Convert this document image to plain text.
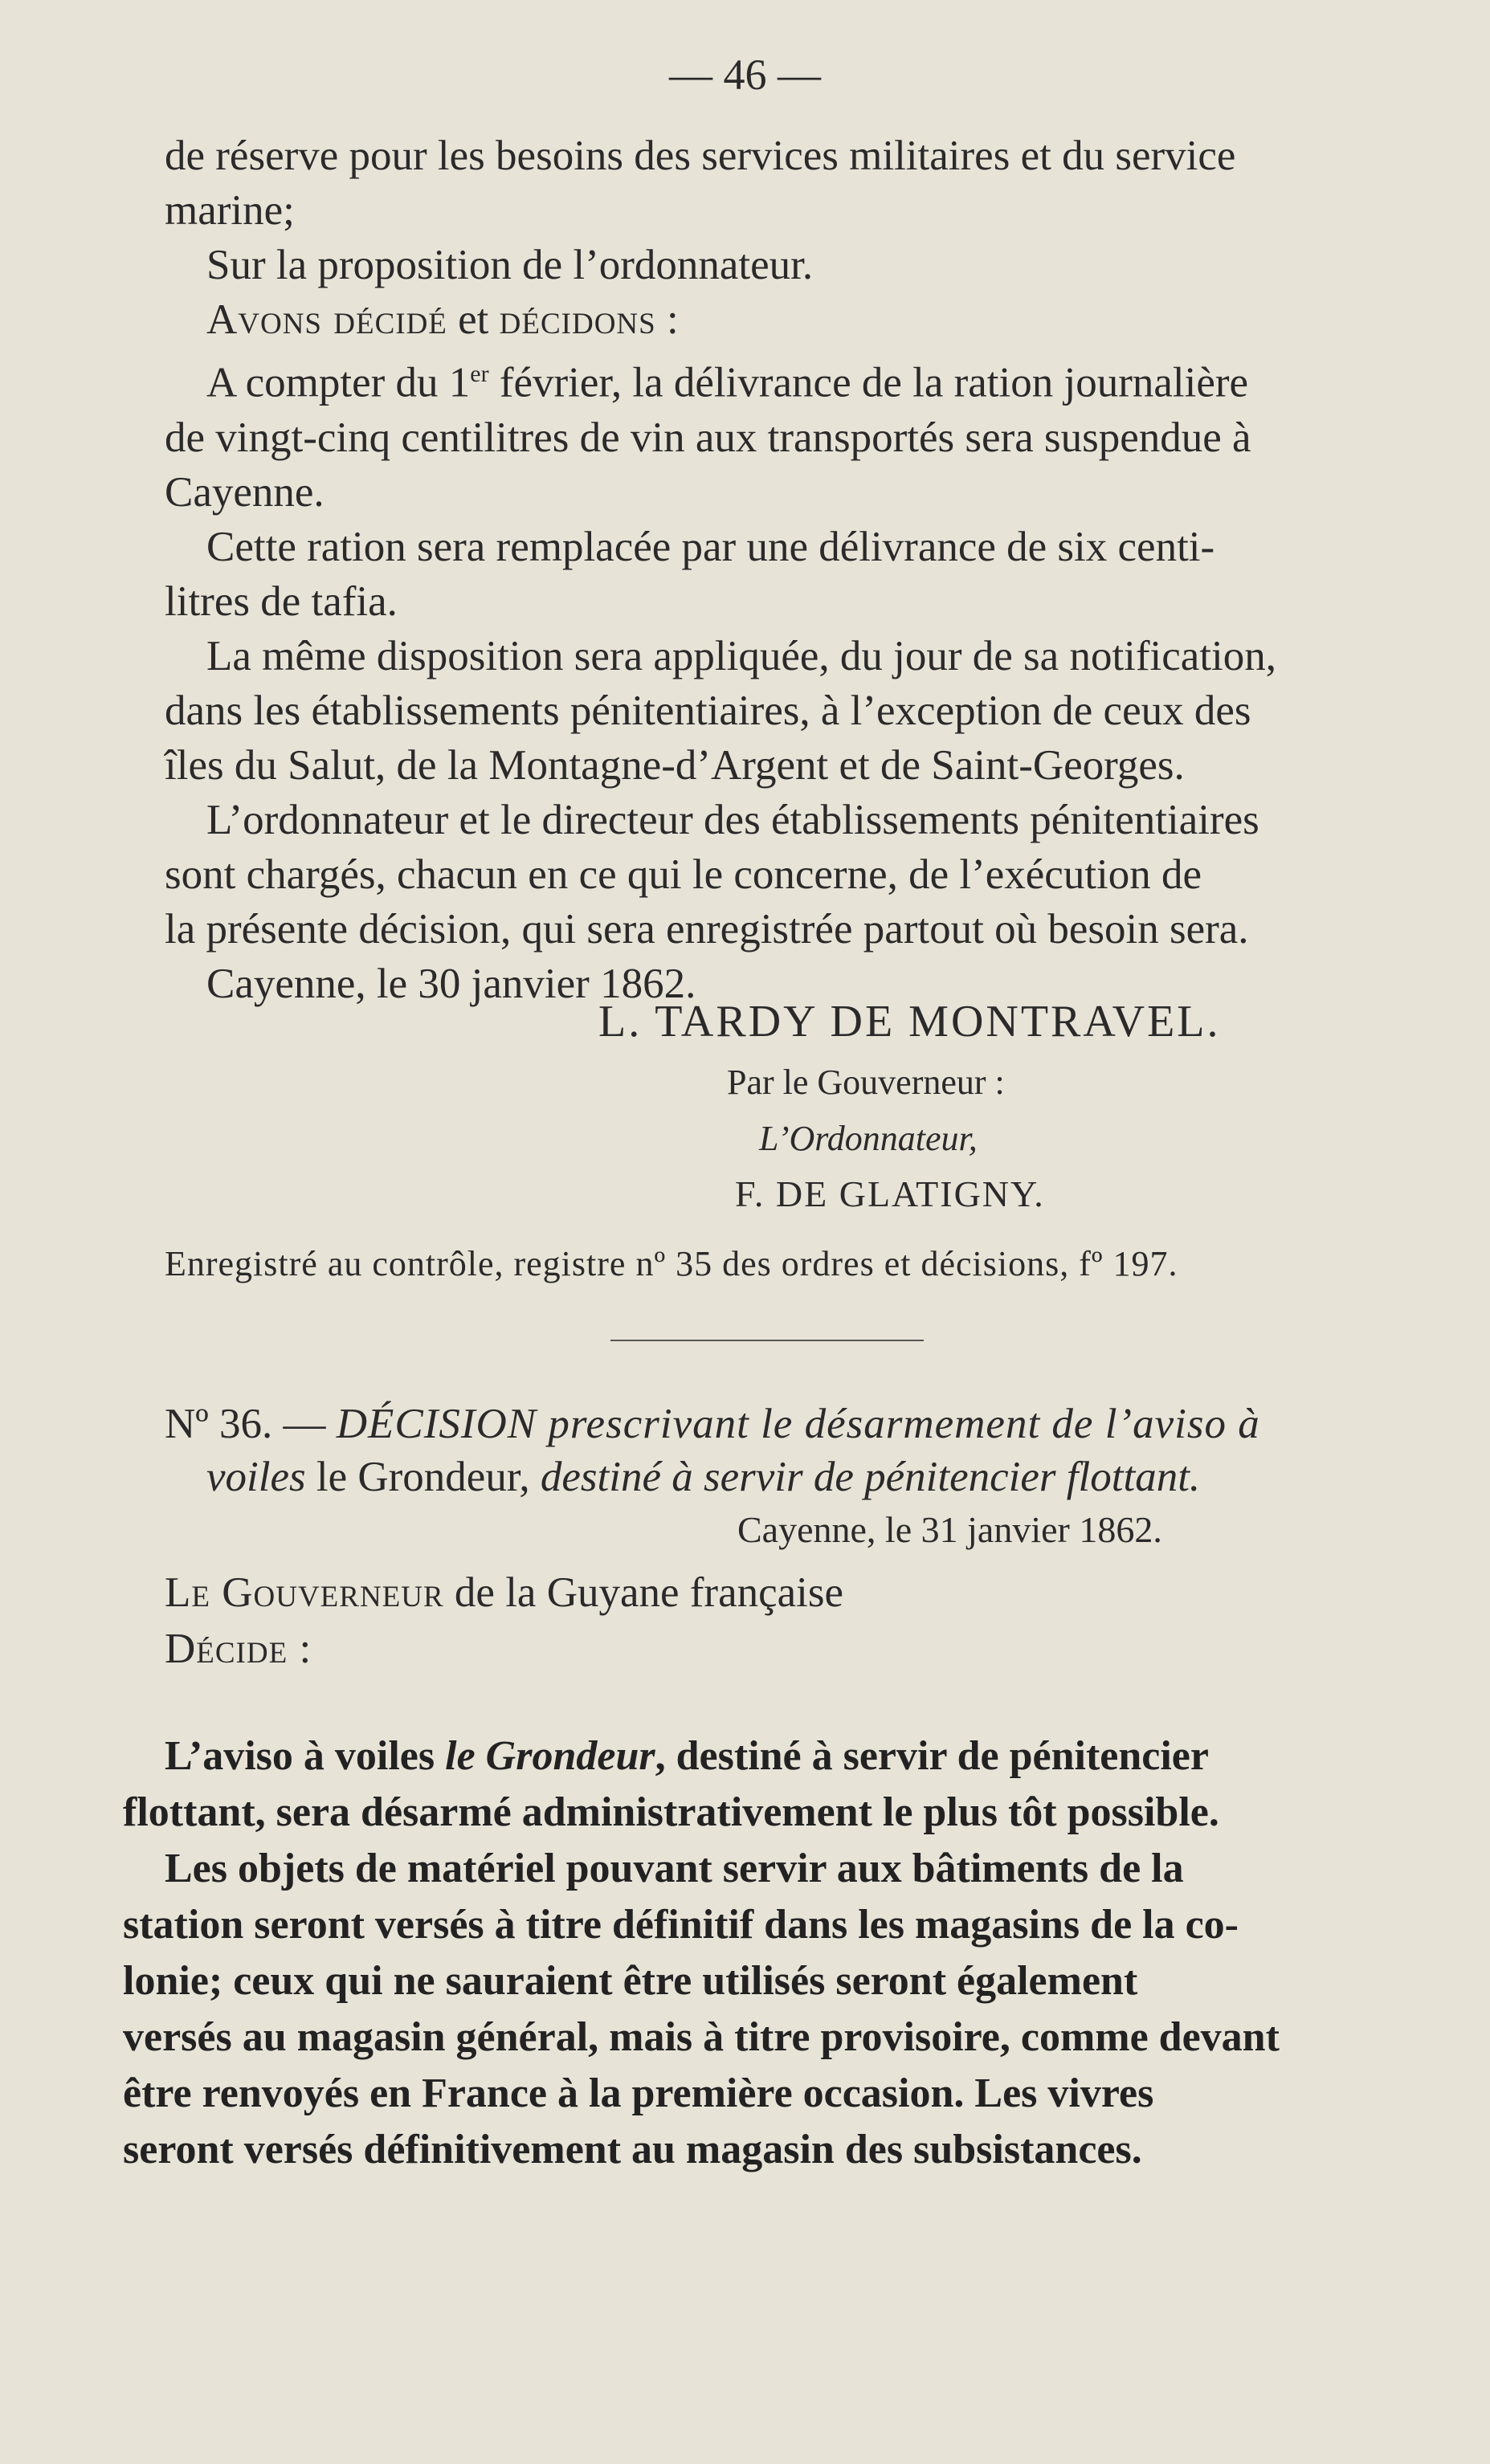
— 46 —

de réserve pour les besoins des services militaires et du service
marine;

Sur la proposition de l’ordonnateur.

Avons décidé et décidons :

A compter du 1er février, la délivrance de la ration journalière
de vingt-cinq centilitres de vin aux transportés sera suspendue à
Cayenne.

Cette ration sera remplacée par une délivrance de six centi-
litres de tafia.

La même disposition sera appliquée, du jour de sa notification,
dans les établissements pénitentiaires, à l’exception de ceux des
îles du Salut, de la Montagne-d’Argent et de Saint-Georges.

L’ordonnateur et le directeur des établissements pénitentiaires
sont chargés, chacun en ce qui le concerne, de l’exécution de
la présente décision, qui sera enregistrée partout où besoin sera.

Cayenne, le 30 janvier 1862.

L. TARDY DE MONTRAVEL.
Par le Gouverneur :
L’Ordonnateur,
F. DE GLATIGNY.
Enregistré au contrôle, registre nº 35 des ordres et décisions, fº 197.
Nº 36. — DÉCISION prescrivant le désarmement de l’aviso à
voiles le Grondeur, destiné à servir de pénitencier flottant.
Cayenne, le 31 janvier 1862.
Le Gouverneur de la Guyane française
Décide :

L’aviso à voiles le Grondeur, destiné à servir de pénitencier
flottant, sera désarmé administrativement le plus tôt possible.

Les objets de matériel pouvant servir aux bâtiments de la
station seront versés à titre définitif dans les magasins de la co-
lonie; ceux qui ne sauraient être utilisés seront également
versés au magasin général, mais à titre provisoire, comme devant
être renvoyés en France à la première occasion. Les vivres
seront versés définitivement au magasin des subsistances.
